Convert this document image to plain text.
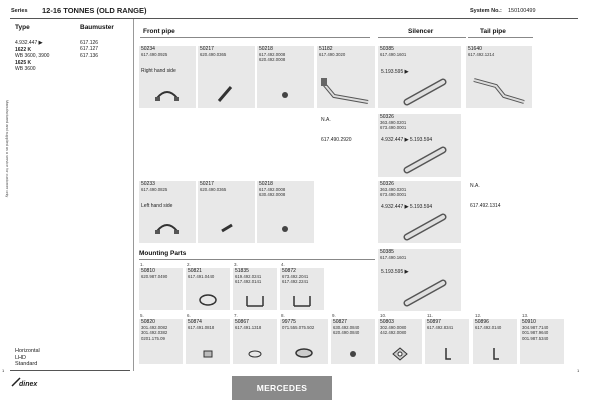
Series 12-16 TONNES (OLD RANGE)	System No.: 150100499
Type	Baumuster
4.932.447 ▶
1622 K
WB 3600, 3900
1625 K
WB 3600
617.126
617.127
617.136
Manufactured and supplied as a service for customer only
Horizontal
LHD
Standard
Front pipe	Silencer	Tail pipe
50234
617.490.0925
Right hand side
50217
620.490.0365
50218
617.492.0008
620.492.0008
51182
617.490.3020
50385
617.490.1601
5.193.595 ▶
51640
617.492.1214
N.A.
617.490.2920
50326
363.490.0201
673.490.0001
4.932.447 ▶ 5.193.594
50233
617.490.0825
Left hand side
50217
620.490.0365
50218
617.492.0008
630.492.0008
50326
363.490.0201
673.490.0001
4.932.447 ▶ 5.193.594
N.A.
617.492.1314
50385
617.490.1601
5.193.595 ▶
Mounting Parts
1.
50810
620.987.0490
2.
50821
617.491.0440
3.
51835
619.492.0241
617.492.0141
4.
50872
673.492.2041
617.492.2241
5.
50820
301.492.0082
301.492.0382
0201.175.09
6.
50874
617.491.0818
7.
50867
617.491.1318
8.
99775
071.555.075.502
9.
50827
630.492.0840
620.490.0840
10.
50803
302.490.0080
442.492.0080
11.
50897
617.492.8341
12.
50896
617.492.0140
13.
50910
304.987.7140
001.987.9640
001.987.5340
1	1
dinex	MERCEDES
